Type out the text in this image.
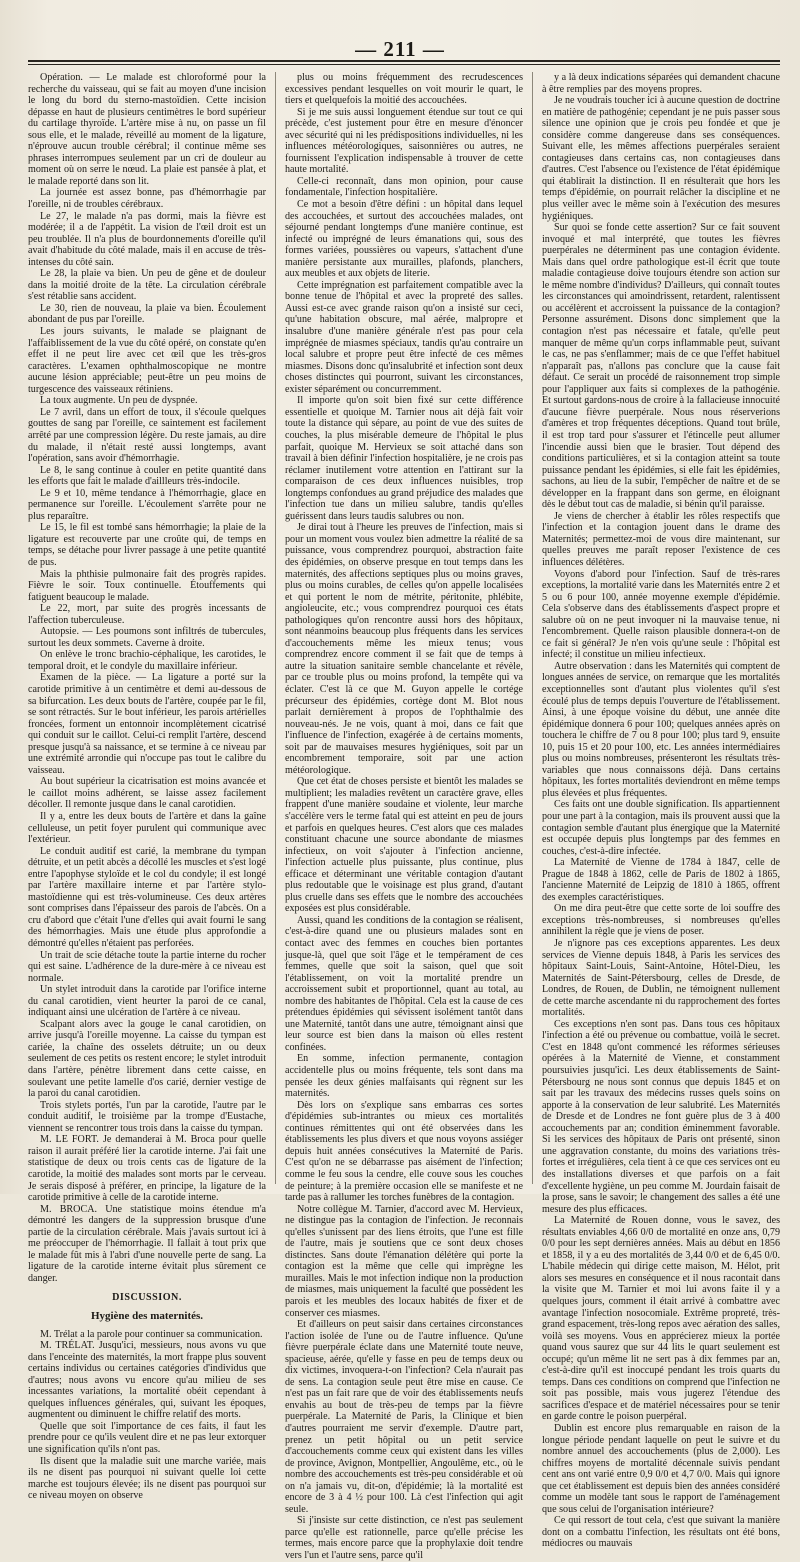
— 211 —

Opération. — Le malade est chloroformé pour la recherche du vaisseau, qui se fait au moyen d'une incision le long du bord du sterno-mastoïdien. Cette incision dépasse en haut de plusieurs centimètres le bord supérieur du cartilage thyroïde. L'artère mise à nu, on passe un fil sous elle, et le malade, réveillé au moment de la ligature, n'éprouve aucun trouble cérébral; il continue même ses phrases interrompues seulement par un cri de douleur au moment où on serre le nœud. La plaie est pansée à plat, et le malade reporté dans son lit.

La journée est assez bonne, pas d'hémorrhagie par l'oreille, ni de troubles cérébraux.

Le 27, le malade n'a pas dormi, mais la fièvre est modérée; il a de l'appétit. La vision de l'œil droit est un peu troublée. Il n'a plus de bourdonnements d'oreille qu'il avait d'habitude du côté malade, mais il en accuse de très-intenses du côté sain.

Le 28, la plaie va bien. Un peu de gêne et de douleur dans la moitié droite de la tête. La circulation cérébrale s'est rétablie sans accident.

Le 30, rien de nouveau, la plaie va bien. Écoulement abondant de pus par l'oreille.

Les jours suivants, le malade se plaignant de l'affaiblissement de la vue du côté opéré, on constate qu'en effet il ne peut lire avec cet œil que les très-gros caractères. L'examen ophthalmoscopique ne montre aucune lésion appréciable; peut-être un peu moins de turgescence des vaisseaux rétiniens.

La toux augmente. Un peu de dyspnée.

Le 7 avril, dans un effort de toux, il s'écoule quelques gouttes de sang par l'oreille, ce saintement est facilement arrêté par une compression légère. Du reste jamais, au dire du malade, il n'était resté aussi longtemps, avant l'opération, sans avoir d'hémorrhagie.

Le 8, le sang continue à couler en petite quantité dans les efforts que fait le malade d'aillleurs très-indocile.

Le 9 et 10, même tendance à l'hémorrhagie, glace en permanence sur l'oreille. L'écoulement s'arrête pour ne plus reparaître.

Le 15, le fil est tombé sans hémorrhagie; la plaie de la ligature est recouverte par une croûte qui, de temps en temps, se détache pour livrer passage à une petite quantité de pus.

Mais la phthisie pulmonaire fait des progrès rapides. Fièvre le soir. Toux continuelle. Étouffements qui fatiguent beaucoup le malade.

Le 22, mort, par suite des progrès incessants de l'affection tuberculeuse.

Autopsie. — Les poumons sont infiltrés de tubercules, surtout les deux sommets. Caverne à droite.

On enlève le tronc brachio-céphalique, les carotides, le temporal droit, et le condyle du maxillaire inférieur.

Examen de la pièce. — La ligature a porté sur la carotide primitive à un centimètre et demi au-dessous de sa bifurcation. Les deux bouts de l'artère, coupée par le fil, se sont rétractés. Sur le bout inférieur, les parois artérielles froncées, forment un entonnoir incomplètement cicatrisé qui conduit sur le caillot. Celui-ci remplit l'artère, descend presque jusqu'à sa naissance, et se termine à ce niveau par une extrémité arrondie qui n'occupe pas tout le calibre du vaisseau.

Au bout supérieur la cicatrisation est moins avancée et le caillot moins adhérent, se laisse assez facilement décoller. Il remonte jusque dans le canal carotidien.

Il y a, entre les deux bouts de l'artère et dans la gaîne celluleuse, un petit foyer purulent qui communique avec l'extérieur.

Le conduit auditif est carié, la membrane du tympan détruite, et un petit abcès a décollé les muscles et s'est logé entre l'apophyse styloïde et le col du condyle; il est longé par l'artère maxillaire interne et par l'artère stylo-mastoïdienne qui est très-volumineuse. Ces deux artères sont comprises dans l'épaisseur des parois de l'abcès. On a cru d'abord que c'était l'une d'elles qui avait fourni le sang des hémorrhagies. Mais une étude plus approfondie a démontré qu'elles n'étaient pas perforées.

Un trait de scie détache toute la partie interne du rocher qui est saine. L'adhérence de la dure-mère à ce niveau est normale.

Un stylet introduit dans la carotide par l'orifice interne du canal carotidien, vient heurter la paroi de ce canal, indiquant ainsi une ulcération de l'artère à ce niveau.

Scalpant alors avec la gouge le canal carotidien, on arrive jusqu'à l'oreille moyenne. La caisse du tympan est cariée, la chaîne des osselets détruite; un ou deux seulement de ces petits os restent encore; le stylet introduit dans l'artère, pénètre librement dans cette caisse, en soulevant une petite lamelle d'os carié, dernier vestige de la paroi du canal carotidien.

Trois stylets portés, l'un par la carotide, l'autre par le conduit auditif, le troisième par la trompe d'Eustache, viennent se rencontrer tous trois dans la caisse du tympan.

M. LE FORT. Je demanderai à M. Broca pour quelle raison il aurait préféré lier la carotide interne. J'ai fait une statistique de deux ou trois cents cas de ligature de la carotide, la moitié des malades sont morts par le cerveau. Je serais disposé à préférer, en principe, la ligature de la carotide primitive à celle de la carotide interne.

M. BROCA. Une statistique moins étendue m'a démontré les dangers de la suppression brusque d'une partie de la circulation cérébrale. Mais j'avais surtout ici à me préoccuper de l'hémorrhagie. Il fallait à tout prix que le malade fût mis à l'abri d'une nouvelle perte de sang. La ligature de la carotide interne évitait plus sûrement ce danger.

DISCUSSION.

Hygiène des maternités.

M. Trélat a la parole pour continuer sa communication.

M. TRÉLAT. Jusqu'ici, messieurs, nous avons vu que dans l'enceinte des maternités, la mort frappe plus souvent certains individus ou certaines catégories d'individus que d'autres; nous avons vu encore qu'au milieu de ses incessantes variations, la mortalité obéit cependant à quelques influences générales, qui, suivant les époques, augmentent ou diminuent le chiffre relatif des morts.

Quelle que soit l'importance de ces faits, il faut les prendre pour ce qu'ils veulent dire et ne pas leur extorquer une signification qu'ils n'ont pas.

Ils disent que la maladie suit une marche variée, mais ils ne disent pas pourquoi ni suivant quelle loi cette marche est toujours élevée; ils ne disent pas pourquoi sur ce niveau moyen on observe

plus ou moins fréquemment des recrudescences excessives pendant lesquelles on voit mourir le quart, le tiers et quelquefois la moitié des accouchées.

Si je me suis aussi longuement étendue sur tout ce qui précède, c'est justement pour être en mesure d'énoncer avec sécurité qui ni les prédispositions individuelles, ni les influences météorologiques, saisonnières ou autres, ne fournissent l'explication indispensable à trouver de cette haute mortalité.

Celle-ci reconnaît, dans mon opinion, pour cause fondamentale, l'infection hospitalière.

Ce mot a besoin d'être défini : un hôpital dans lequel des accouchées, et surtout des accouchées malades, ont séjourné pendant longtemps d'une manière continue, est infecté ou imprégné de leurs émanations qui, sous des formes variées, poussières ou vapeurs, s'attachent d'une manière persistante aux murailles, plafonds, planchers, aux meubles et aux objets de literie.

Cette imprégnation est parfaitement compatible avec la bonne tenue de l'hôpital et avec la propreté des salles. Aussi est-ce avec grande raison qu'on a insisté sur ceci, qu'une habitation obscure, mal aérée, malpropre et insalubre d'une manière générale n'est pas pour cela imprégnée de miasmes spéciaux, tandis qu'au contraire un local salubre et propre peut être infecté de ces mêmes miasmes. Disons donc qu'insalubrité et infection sont deux choses distinctes qui pourront, suivant les circonstances, exister séparément ou concurremment.

Il importe qu'on soit bien fixé sur cette différence essentielle et quoique M. Tarnier nous ait déjà fait voir toute la distance qui sépare, au point de vue des suites de couches, la plus misérable demeure de l'hôpital le plus parfait, quoique M. Hervieux se soit attaché dans son travail à bien définir l'infection hospitalière, je ne crois pas réclamer inutilement votre attention en l'attirant sur la comparaison de ces deux influences nuisibles, trop longtemps confondues au grand préjudice des malades que l'infection tue dans un milieu salubre, tandis qu'elles guérissent dans leurs taudis salubres ou non.

Je dirai tout à l'heure les preuves de l'infection, mais si pour un moment vous voulez bien admettre la réalité de sa puissance, vous comprendrez pourquoi, abstraction faite des épidémies, on observe presque en tout temps dans les maternités, des affections septiques plus ou moins graves, plus ou moins curables, de celles qu'on appelle localisées et qui portent le nom de métrite, péritonite, phlébite, angioleucite, etc.; vous comprendrez pourquoi ces états pathologiques qu'on rencontre aussi hors des hôpitaux, sont néanmoins beaucoup plus fréquents dans les services d'accouchements même les mieux tenus; vous comprendrez encore comment il se fait que de temps à autre la situation sanitaire semble chancelante et révèle, par ce trouble plus ou moins profond, la tempête qui va éclater. C'est là ce que M. Guyon appelle le cortége précurseur des épidémies, cortège dont M. Blot nous parlait dernièrement à propos de l'ophthalmie des nouveau-nés. Je ne vois, quant à moi, dans ce fait que l'influence de l'infection, exagérée à de certains moments, soit par de mauvaises mesures hygiéniques, soit par un encombrement temporaire, soit par une action météorologique.

Que cet état de choses persiste et bientôt les malades se multiplient; les maladies revêtent un caractère grave, elles frappent d'une manière soudaine et violente, leur marche s'accélère vers le terme fatal qui est atteint en peu de jours et parfois en quelques heures. C'est alors que ces malades constituant chacune une source abondante de miasmes infectieux, on voit s'ajouter à l'infection ancienne, l'infection actuelle plus puissante, plus continue, plus efficace et déterminant une véritable contagion d'autant plus redoutable que le voisinage est plus grand, d'autant plus cruelle dans ses effets que le nombre des accouchées exposées est plus considérable.

Aussi, quand les conditions de la contagion se réalisent, c'est-à-dire quand une ou plusieurs malades sont en contact avec des femmes en couches bien portantes jusque-là, quel que soit l'âge et le tempérament de ces femmes, quelle que soit la saison, quel que soit l'établissement, on voit la mortalité prendre un accroissement subit et proportionnel, quant au total, au nombre des habitantes de l'hôpital. Cela est la cause de ces prétendues épidémies qui sévissent isolément tantôt dans une Maternité, tantôt dans une autre, témoignant ainsi que leur source est bien dans la maison où elles restent confinées.

En somme, infection permanente, contagion accidentelle plus ou moins fréquente, tels sont dans ma pensée les deux génies malfaisants qui règnent sur les maternités.

Dès lors on s'explique sans embarras ces sortes d'épidémies sub-intrantes ou mieux ces mortalités continues rémittentes qui ont été observées dans les établissements les plus divers et que nous voyons assiéger depuis huit années consécutives la Maternité de Paris. C'est qu'on ne se débarrasse pas aisément de l'infection; comme le feu sous la cendre, elle couve sous les couches de peinture; à la première occasion elle se manifeste et ne tarde pas à rallumer les torches funèbres de la contagion.

Notre collègue M. Tarnier, d'accord avec M. Hervieux, ne distingue pas la contagion de l'infection. Je reconnais qu'elles s'unissent par des liens étroits, que l'une est fille de l'autre, mais je soutiens que ce sont deux choses distinctes. Sans doute l'émanation délétère qui porte la contagion est la même que celle qui imprègne les murailles. Mais le mot infection indique non la production de miasmes, mais uniquement la faculté que possèdent les parois et les meubles des locaux habités de fixer et de conserver ces miasmes.

Et d'ailleurs on peut saisir dans certaines circonstances l'action isolée de l'une ou de l'autre influence. Qu'une fièvre puerpérale éclate dans une Maternité toute neuve, spacieuse, aérée, qu'elle y fasse en peu de temps deux ou dix victimes, invoquera-t-on l'infection? Cela n'aurait pas de sens. La contagion seule peut être mise en cause. Ce n'est pas un fait rare que de voir des établissements neufs envahis au bout de très-peu de temps par la fièvre puerpérale. La Maternité de Paris, la Clinique et bien d'autres pourraient me servir d'exemple. D'autre part, prenez un petit hôpital ou un petit service d'accouchements comme ceux qui existent dans les villes de province, Avignon, Montpellier, Angoulême, etc., où le nombre des accouchements est très-peu considérable et où on n'a jamais vu, dit-on, d'épidémie; là la mortalité est encore de 3 à 4 ½ pour 100. Là c'est l'infection qui agit seule.

Si j'insiste sur cette distinction, ce n'est pas seulement parce qu'elle est rationnelle, parce qu'elle précise les termes, mais encore parce que la prophylaxie doit tendre vers l'un et l'autre sens, parce qu'il

y a là deux indications séparées qui demandent chacune à être remplies par des moyens propres.

Je ne voudrais toucher ici à aucune question de doctrine en matière de pathogénie; cependant je ne puis passer sous silence une opinion que je crois peu fondée et que je considère comme dangereuse dans ses conséquences. Suivant elle, les mêmes affections puerpérales seraient contagieuses dans certains cas, non contagieuses dans d'autres. C'est l'absence ou l'existence de l'état épidémique qui établirait la distinction. Il en résulterait que hors les temps d'épidémie, on pourrait relâcher la discipline et ne plus veiller avec le même soin à l'exécution des mesures hygiéniques.

Sur quoi se fonde cette assertion? Sur ce fait souvent invoqué et mal interprété, que toutes les fièvres puerpérales ne déterminent pas une contagion évidente. Mais dans quel ordre pathologique est-il écrit que toute maladie contagieuse doive toujours étendre son action sur le même nombre d'individus? D'ailleurs, qui connaît toutes les circonstances qui amoindrissent, retardent, ralentissent ou accélèrent et accroissent la puissance de la contagion? Personne assurément. Disons donc simplement que la contagion n'est pas nécessaire et fatale, qu'elle peut manquer de même qu'un corps inflammable peut, suivant le cas, ne pas s'enflammer; mais de ce que l'effet habituel n'apparaît pas, n'allons pas conclure que la cause fait défaut. Ce serait un procédé de raisonnement trop simple pour l'appliquer aux faits si complexes de la pathogénie. Et surtout gardons-nous de croire à la fallacieuse innocuité d'aucune fièvre puerpérale. Nous nous réserverions d'amères et trop fréquentes déceptions. Quand tout brûle, il est trop tard pour s'assurer et l'étincelle peut allumer l'incendie aussi bien que le brasier. Tout dépend des conditions particulières, et si la contagion atteint sa toute puissance pendant les épidémies, si elle fait les épidémies, sachons, au lieu de la subir, l'empêcher de naître et de se développer en la frappant dans son germe, en éloignant dès le début tout cas de maladie, si bénin qu'il paraisse.

Je viens de chercher à établir les rôles respectifs que l'infection et la contagion jouent dans le drame des Maternités; permettez-moi de vous dire maintenant, sur quelles preuves me paraît reposer l'existence de ces influences délétères.

Voyons d'abord pour l'infection. Sauf de très-rares exceptions, la mortalité varie dans les Maternités entre 2 et 5 ou 6 pour 100, année moyenne exemple d'épidémie. Cela s'observe dans des établissements d'aspect propre et salubre où on ne peut invoquer ni la mauvaise tenue, ni l'encombrement. Quelle raison plausible donnera-t-on de ce fait si général? Je n'en vois qu'une seule : l'hôpital est infecté; il constitue un milieu infectieux.

Autre observation : dans les Maternités qui comptent de longues années de service, on remarque que les mortalités exceptionnelles sont d'autant plus violentes qu'il s'est écoulé plus de temps depuis l'ouverture de l'établissement. Ainsi, à une époque voisine du début, une année dite épidémique donnera 6 pour 100; quelques années après on touchera le chiffre de 7 ou 8 pour 100; plus tard 9, ensuite 10, puis 15 et 20 pour 100, etc. Les années intermédiaires plus ou moins nombreuses, présenteront les résultats très-variables que nous connaissons déjà. Dans certains hôpitaux, les fortes mortalités deviendront en même temps plus élevées et plus fréquentes.

Ces faits ont une double signification. Ils appartiennent pour une part à la contagion, mais ils prouvent aussi que la contagion semble d'autant plus énergique que la Maternité est occupée depuis plus longtemps par des femmes en couches, c'est-à-dire infectée.

La Maternité de Vienne de 1784 à 1847, celle de Prague de 1848 à 1862, celle de Paris de 1802 à 1865, l'ancienne Maternité de Leipzig de 1810 à 1865, offrent des exemples caractéristiques.

On me dira peut-être que cette sorte de loi souffre des exceptions très-nombreuses, si nombreuses qu'elles annihilent la règle que je viens de poser.

Je n'ignore pas ces exceptions apparentes. Les deux services de Vienne depuis 1848, à Paris les services des hôpitaux Saint-Louis, Saint-Antoine, Hôtel-Dieu, les Maternités de Saint-Pétersbourg, celles de Dresde, de Londres, de Rouen, de Dublin, ne témoignent nullement de cette marche ascendante ni du rapprochement des fortes mortalités.

Ces exceptions n'en sont pas. Dans tous ces hôpitaux l'infection a été ou prévenue ou combattue, voilà le secret. C'est en 1848 qu'ont commencé les réformes sérieuses opérées à la Maternité de Vienne, et constamment poursuivies jusqu'ici. Les deux établissements de Saint-Pétersbourg ne nous sont connus que depuis 1845 et on sait par les travaux des médecins russes quels soins on apporte à la conservation de leur salubrité. Les Maternités de Dresde et de Londres ne font guère plus de 3 à 400 accouchements par an; condition éminemment favorable. Si les services des hôpitaux de Paris ont présenté, sinon une aggravation constante, du moins des variations très-fortes et irrégulières, cela tient à ce que ces services ont eu des installations diverses et que parfois on a fait d'excellente hygiène, un peu comme M. Jourdain faisait de la prose, sans le savoir; le changement des salles a été une mesure des plus efficaces.

La Maternité de Rouen donne, vous le savez, des résultats enviables 4,66 0/0 de mortalité en onze ans, 0,79 0/0 pour les sept dernières années. Mais au début en 1856 et 1858, il y a eu des mortalités de 3,44 0/0 et de 6,45 0/0. L'habile médecin qui dirige cette maison, M. Hélot, prit alors ses mesures en conséquence et il nous racontait dans la visite que M. Tarnier et moi lui avons faite il y a quelques jours, comment il était arrivé à combattre avec avantage l'infection nosocomiale. Extrême propreté, très-grand espacement, très-long repos avec aération des salles, voilà ses moyens. Vous en apprécierez mieux la portée quand vous saurez que sur 44 lits le quart seulement est occupé; qu'un même lit ne sert pas à dix femmes par an, c'est-à-dire qu'il est inoccupé pendant les trois quarts du temps. Dans ces conditions on comprend que l'infection ne soit pas possible, mais vous jugerez l'étendue des sacrifices d'espace et de matériel nécessaires pour se tenir en garde contre le poison puerpéral.

Dublin est encore plus remarquable en raison de la longue période pendant laquelle on peut le suivre et du nombre annuel des accouchements (plus de 2,000). Les chiffres moyens de mortalité décennale suivis pendant cent ans ont varié entre 0,9 0/0 et 4,7 0/0. Mais qui ignore que cet établissement est depuis bien des années considéré comme un modèle tant sous le rapport de l'aménagement que sous celui de l'organisation intérieure?

Ce qui ressort de tout cela, c'est que suivant la manière dont on a combattu l'infection, les résultats ont été bons, médiocres ou mauvais
